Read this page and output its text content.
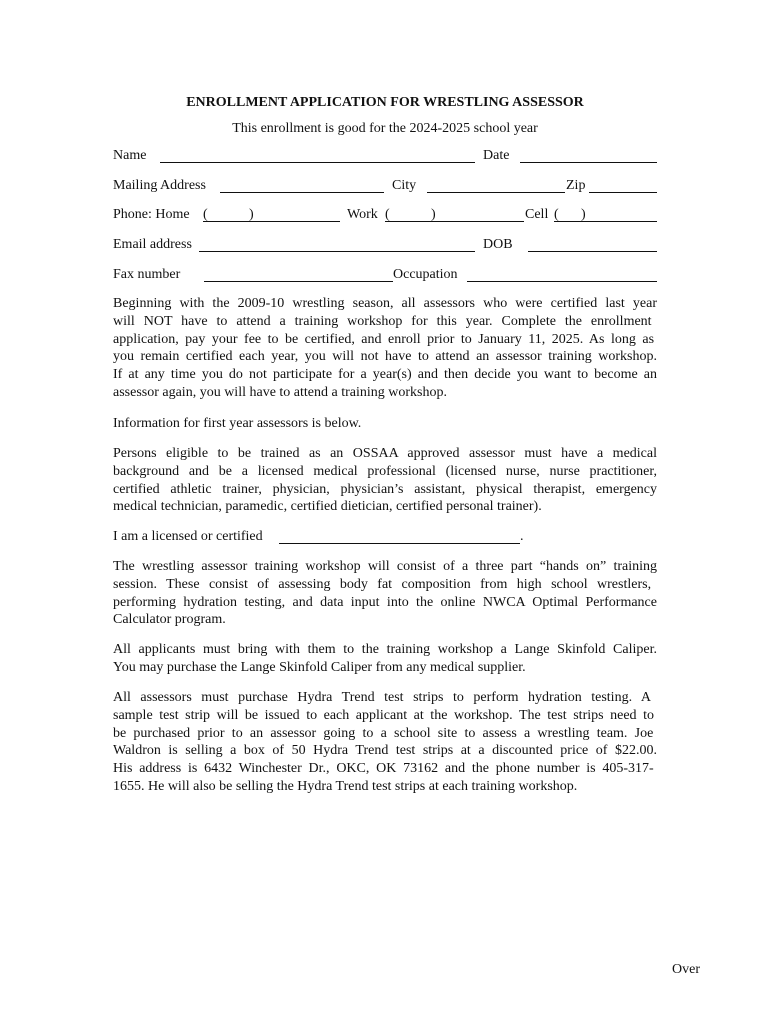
ENROLLMENT APPLICATION FOR WRESTLING ASSESSOR
This enrollment is good for the 2024-2025 school year
Name	Date
Mailing Address	City	Zip
Phone: Home (	)	Work (	)	Cell ( )
Email address	DOB
Fax number	Occupation
Beginning with the 2009-10 wrestling season, all assessors who were certified last year
will NOT have to attend a training workshop for this year. Complete the enrollment
application, pay your fee to be certified, and enroll prior to January 11, 2025. As long as
you remain certified each year, you will not have to attend an assessor training workshop.
If at any time you do not participate for a year(s) and then decide you want to become an
assessor again, you will have to attend a training workshop.
Information for first year assessors is below.
Persons eligible to be trained as an OSSAA approved assessor must have a medical
background and be a licensed medical professional (licensed nurse, nurse practitioner,
certified athletic trainer, physician, physician’s assistant, physical therapist, emergency
medical technician, paramedic, certified dietician, certified personal trainer).
I am a licensed or certified	.
The wrestling assessor training workshop will consist of a three part “hands on” training
session. These consist of assessing body fat composition from high school wrestlers,
performing hydration testing, and data input into the online NWCA Optimal Performance
Calculator program.
All applicants must bring with them to the training workshop a Lange Skinfold Caliper.
You may purchase the Lange Skinfold Caliper from any medical supplier.
All assessors must purchase Hydra Trend test strips to perform hydration testing. A
sample test strip will be issued to each applicant at the workshop. The test strips need to
be purchased prior to an assessor going to a school site to assess a wrestling team. Joe
Waldron is selling a box of 50 Hydra Trend test strips at a discounted price of $22.00.
His address is 6432 Winchester Dr., OKC, OK 73162 and the phone number is 405-317-
1655. He will also be selling the Hydra Trend test strips at each training workshop.
Over
